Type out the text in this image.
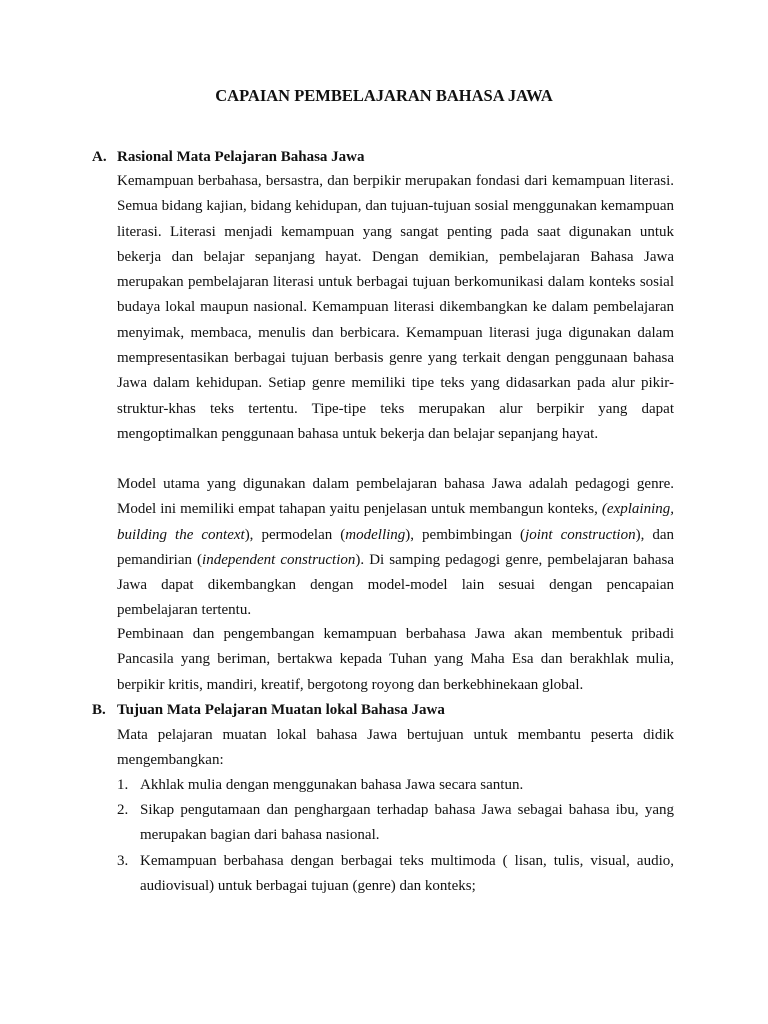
CAPAIAN PEMBELAJARAN BAHASA JAWA
A. Rasional Mata Pelajaran Bahasa Jawa

Kemampuan berbahasa, bersastra, dan berpikir merupakan fondasi dari kemampuan literasi. Semua bidang kajian, bidang kehidupan, dan tujuan-tujuan sosial menggunakan kemampuan literasi. Literasi menjadi kemampuan yang sangat penting pada saat digunakan untuk bekerja dan belajar sepanjang hayat. Dengan demikian, pembelajaran Bahasa Jawa merupakan pembelajaran literasi untuk berbagai tujuan berkomunikasi dalam konteks sosial budaya lokal maupun nasional. Kemampuan literasi dikembangkan ke dalam pembelajaran menyimak, membaca, menulis dan berbicara. Kemampuan literasi juga digunakan dalam mempresentasikan berbagai tujuan berbasis genre yang terkait dengan penggunaan bahasa Jawa dalam kehidupan. Setiap genre memiliki tipe teks yang didasarkan pada alur pikir- struktur-khas teks tertentu. Tipe-tipe teks merupakan alur berpikir yang dapat mengoptimalkan penggunaan bahasa untuk bekerja dan belajar sepanjang hayat.

Model utama yang digunakan dalam pembelajaran bahasa Jawa adalah pedagogi genre. Model ini memiliki empat tahapan yaitu penjelasan untuk membangun konteks, (explaining, building the context), permodelan (modelling), pembimbingan (joint construction), dan pemandirian (independent construction). Di samping pedagogi genre, pembelajaran bahasa Jawa dapat dikembangkan dengan model-model lain sesuai dengan pencapaian pembelajaran tertentu.

Pembinaan dan pengembangan kemampuan berbahasa Jawa akan membentuk pribadi Pancasila yang beriman, bertakwa kepada Tuhan yang Maha Esa dan berakhlak mulia, berpikir kritis, mandiri, kreatif, bergotong royong dan berkebhinekaan global.

B. Tujuan Mata Pelajaran Muatan lokal Bahasa Jawa

Mata pelajaran muatan lokal bahasa Jawa bertujuan untuk membantu peserta didik mengembangkan:

1. Akhlak mulia dengan menggunakan bahasa Jawa secara santun.

2. Sikap pengutamaan dan penghargaan terhadap bahasa Jawa sebagai bahasa ibu, yang merupakan bagian dari bahasa nasional.

3. Kemampuan berbahasa dengan berbagai teks multimoda ( lisan, tulis, visual, audio, audiovisual) untuk berbagai tujuan (genre) dan konteks;
